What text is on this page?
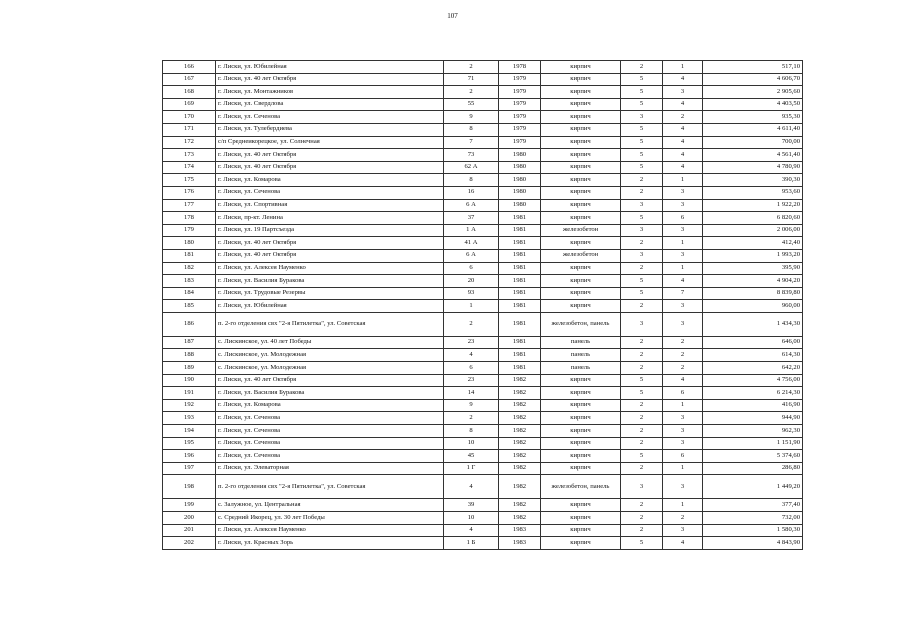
107
166	г. Лиски, ул. Юбилейная	2	1978	кирпич	2	1	517,10
167	г. Лиски, ул. 40 лет Октября	71	1979	кирпич	5	4	4 606,70
168	г. Лиски, ул. Монтажников	2	1979	кирпич	5	3	2 905,60
169	г. Лиски, ул. Свердлова	55	1979	кирпич	5	4	4 403,50
170	г. Лиски, ул. Сеченова	9	1979	кирпич	3	2	935,30
171	г. Лиски, ул. Тулебердиева	8	1979	кирпич	5	4	4 611,40
172	с/п Среднеикорецкое, ул. Солнечная	7	1979	кирпич	5	4	700,00
173	г. Лиски, ул. 40 лет Октября	73	1980	кирпич	5	4	4 561,40
174	г. Лиски, ул. 40 лет Октября	62 А	1980	кирпич	5	4	4 780,90
175	г. Лиски, ул. Комарова	8	1980	кирпич	2	1	390,30
176	г. Лиски, ул. Сеченова	16	1980	кирпич	2	3	953,60
177	г. Лиски, ул. Спортивная	6 А	1980	кирпич	3	3	1 922,20
178	г. Лиски, пр-кт. Ленина	37	1981	кирпич	5	6	6 820,60
179	г. Лиски, ул. 19 Партсъезда	1 А	1981	железобетон	3	3	2 006,00
180	г. Лиски, ул. 40 лет Октября	41 А	1981	кирпич	2	1	412,40
181	г. Лиски, ул. 40 лет Октября	6 А	1981	железобетон	3	3	1 993,20
182	г. Лиски, ул. Алексея Науменко	6	1981	кирпич	2	1	395,90
183	г. Лиски, ул. Василия Буракова	20	1981	кирпич	5	4	4 904,20
184	г. Лиски, ул. Трудовые Резервы	93	1981	кирпич	5	7	8 839,80
185	г. Лиски, ул. Юбилейная	1	1981	кирпич	2	3	960,00
186	п. 2-го отделения свх "2-я Пятилетка", ул. Советская	2	1981	железобетон, панель	3	3	1 434,30
187	с. Лискинское, ул. 40 лет Победы	23	1981	панель	2	2	646,00
188	с. Лискинское, ул. Молодежная	4	1981	панель	2	2	614,30
189	с. Лискинское, ул. Молодежная	6	1981	панель	2	2	642,20
190	г. Лиски, ул. 40 лет Октября	23	1982	кирпич	5	4	4 756,00
191	г. Лиски, ул. Василия Буракова	14	1982	кирпич	5	6	6 214,30
192	г. Лиски, ул. Комарова	9	1982	кирпич	2	1	416,90
193	г. Лиски, ул. Сеченова	2	1982	кирпич	2	3	944,90
194	г. Лиски, ул. Сеченова	8	1982	кирпич	2	3	962,30
195	г. Лиски, ул. Сеченова	10	1982	кирпич	2	3	1 151,90
196	г. Лиски, ул. Сеченова	45	1982	кирпич	5	6	5 374,60
197	г. Лиски, ул. Элеваторная	1 Г	1982	кирпич	2	1	286,80
198	п. 2-го отделения свх "2-я Пятилетка", ул. Советская	4	1982	железобетон, панель	3	3	1 449,20
199	с. Залужное, ул. Центральная	39	1982	кирпич	2	1	377,40
200	с. Средний Икорец, ул. 30 лет Победы	10	1982	кирпич	2	2	732,00
201	г. Лиски, ул. Алексея Науменко	4	1983	кирпич	2	3	1 580,30
202	г. Лиски, ул. Красных Зорь	1 Б	1983	кирпич	5	4	4 843,90
